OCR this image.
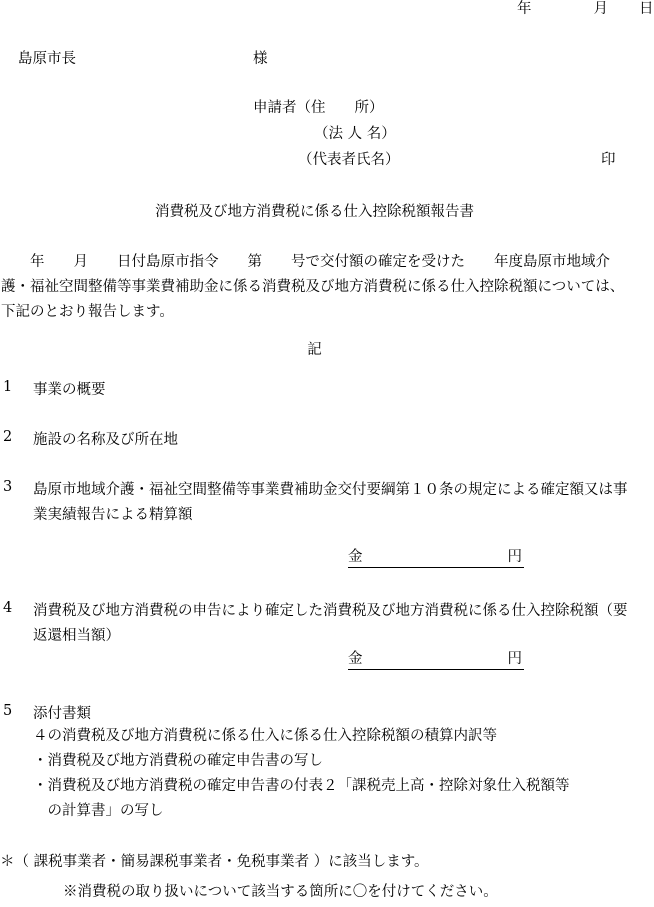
年	月 日
島原市長	様
申請者（住　　所）
（法 人 名）
（代表者氏名）	印
消費税及び地方消費税に係る仕入控除税額報告書
　　年　　月　　日付島原市指令　　第　　号で交付額の確定を受けた　　年度島原市地域介護・福祉空間整備等事業費補助金に係る消費税及び地方消費税に係る仕入控除税額については、下記のとおり報告します。
記
1 事業の概要
2 施設の名称及び所在地
3 島原市地域介護・福祉空間整備等事業費補助金交付要綱第１０条の規定による確定額又は事業実績報告による精算額
金	円
4 消費税及び地方消費税の申告により確定した消費税及び地方消費税に係る仕入控除税額（要返還相当額）
金	円
5 添付書類
４の消費税及び地方消費税に係る仕入に係る仕入控除税額の積算内訳等
・消費税及び地方消費税の確定申告書の写し
・消費税及び地方消費税の確定申告書の付表２「課税売上高・控除対象仕入税額等
　の計算書」の写し
＊（ 課税事業者・簡易課税事業者・免税事業者 ）に該当します。
※消費税の取り扱いについて該当する箇所に〇を付けてください。
